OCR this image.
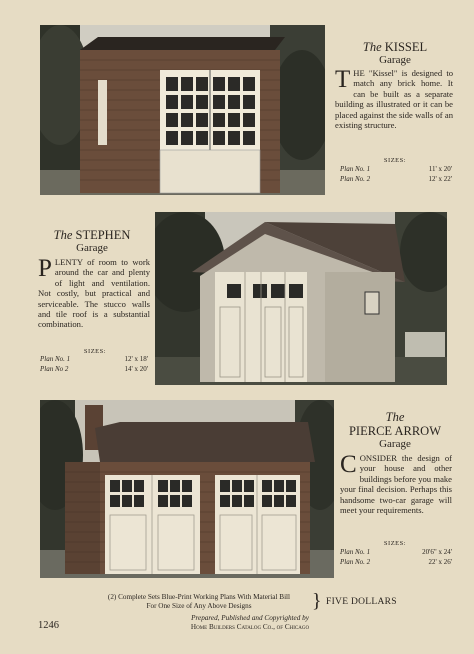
The KISSEL
Garage
THE "Kissel" is designed to match any brick home. It can be built as a separate building as illustrated or it can be placed against the side walls of an existing structure.
SIZES:
Plan No. 1	11' x 20'
Plan No. 2	12' x 22'
The STEPHEN
Garage
PLENTY of room to work around the car and plenty of light and ventilation. Not costly, but practical and serviceable. The stucco walls and tile roof is a substantial combination.
SIZES:
Plan No. 1	12' x 18'
Plan No 2	14' x 20'
The
PIERCE ARROW
Garage
CONSIDER the design of your house and other buildings before you make your final decision. Perhaps this handsome two-car garage will meet your requirements.
SIZES:
Plan No. 1	20'6" x 24'
Plan No. 2	22' x 26'
(2) Complete Sets Blue-Print Working Plans With Material Bill
For One Size of Any Above Designs	} FIVE DOLLARS
Prepared, Published and Copyrighted by
Home Builders Catalog Co., of Chicago
1246
